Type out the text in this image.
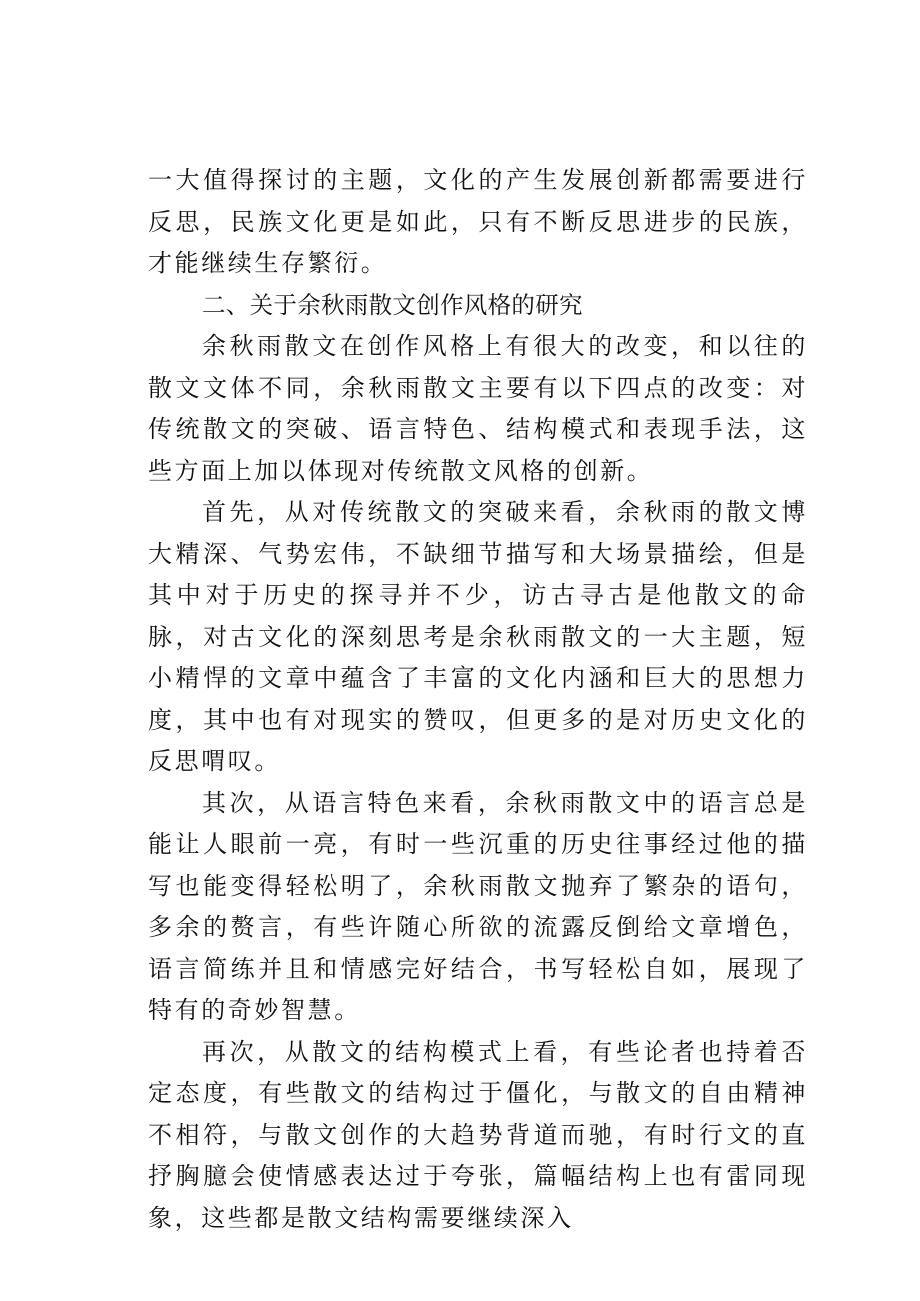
一大值得探讨的主题，文化的产生发展创新都需要进行反思，民族文化更是如此，只有不断反思进步的民族，才能继续生存繁衍。

二、关于余秋雨散文创作风格的研究

余秋雨散文在创作风格上有很大的改变，和以往的散文文体不同，余秋雨散文主要有以下四点的改变：对传统散文的突破、语言特色、结构模式和表现手法，这些方面上加以体现对传统散文风格的创新。

首先，从对传统散文的突破来看，余秋雨的散文博大精深、气势宏伟，不缺细节描写和大场景描绘，但是其中对于历史的探寻并不少，访古寻古是他散文的命脉，对古文化的深刻思考是余秋雨散文的一大主题，短小精悍的文章中蕴含了丰富的文化内涵和巨大的思想力度，其中也有对现实的赞叹，但更多的是对历史文化的反思喟叹。

其次，从语言特色来看，余秋雨散文中的语言总是能让人眼前一亮，有时一些沉重的历史往事经过他的描写也能变得轻松明了，余秋雨散文抛弃了繁杂的语句，多余的赘言，有些许随心所欲的流露反倒给文章增色，语言简练并且和情感完好结合，书写轻松自如，展现了特有的奇妙智慧。

再次，从散文的结构模式上看，有些论者也持着否定态度，有些散文的结构过于僵化，与散文的自由精神不相符，与散文创作的大趋势背道而驰，有时行文的直抒胸臆会使情感表达过于夸张，篇幅结构上也有雷同现象，这些都是散文结构需要继续深入
